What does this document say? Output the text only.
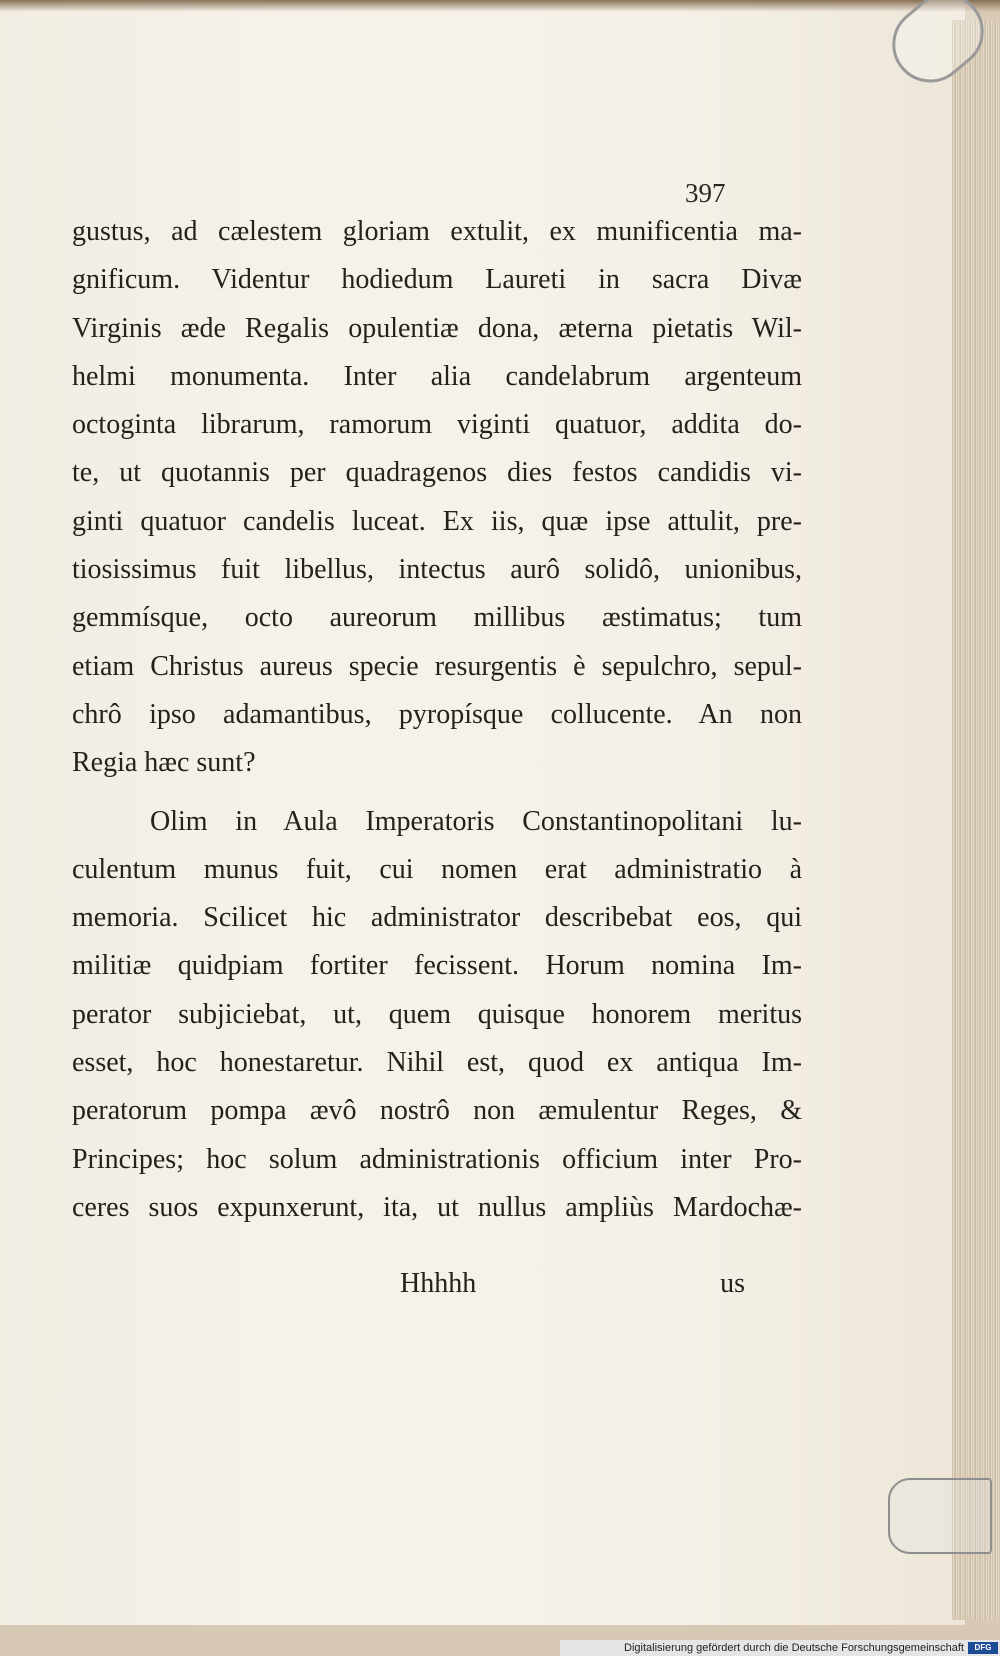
397
gustus, ad cælestem gloriam extulit, ex munificentia ma-
gnificum. Videntur hodiedum Laureti in sacra Divæ
Virginis æde Regalis opulentiæ dona, æterna pietatis Wil-
helmi monumenta. Inter alia candelabrum argenteum
octoginta librarum, ramorum viginti quatuor, addita do-
te, ut quotannis per quadragenos dies festos candidis vi-
ginti quatuor candelis luceat. Ex iis, quæ ipse attulit, pre-
tiosissimus fuit libellus, intectus aurô solidô, unionibus,
gemmísque, octo aureorum millibus æstimatus; tum
etiam Christus aureus specie resurgentis è sepulchro, sepul-
chrô ipso adamantibus, pyropísque collucente. An non
Regia hæc sunt?
Olim in Aula Imperatoris Constantinopolitani lu-
culentum munus fuit, cui nomen erat administratio à
memoria. Scilicet hic administrator describebat eos, qui
militiæ quidpiam fortiter fecissent. Horum nomina Im-
perator subjiciebat, ut, quem quisque honorem meritus
esset, hoc honestaretur. Nihil est, quod ex antiqua Im-
peratorum pompa ævô nostrô non æmulentur Reges, &
Principes; hoc solum administrationis officium inter Pro-
ceres suos expunxerunt, ita, ut nullus ampliùs Mardochæ-
Hhhhh	us
Digitalisierung gefördert durch die Deutsche Forschungsgemeinschaft	DFG
